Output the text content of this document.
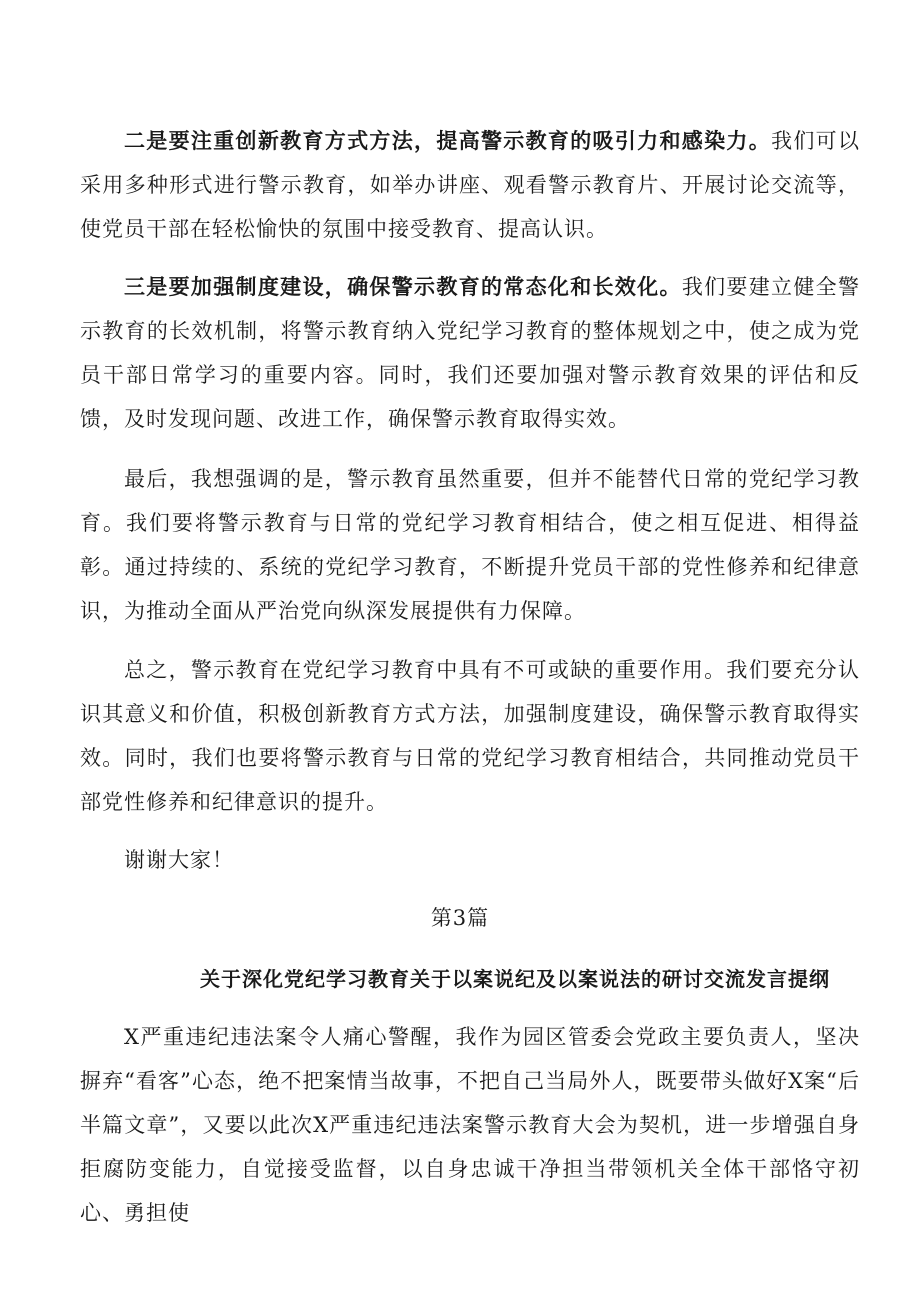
二是要注重创新教育方式方法，提高警示教育的吸引力和感染力。我们可以采用多种形式进行警示教育，如举办讲座、观看警示教育片、开展讨论交流等，使党员干部在轻松愉快的氛围中接受教育、提高认识。

三是要加强制度建设，确保警示教育的常态化和长效化。我们要建立健全警示教育的长效机制，将警示教育纳入党纪学习教育的整体规划之中，使之成为党员干部日常学习的重要内容。同时，我们还要加强对警示教育效果的评估和反馈，及时发现问题、改进工作，确保警示教育取得实效。

最后，我想强调的是，警示教育虽然重要，但并不能替代日常的党纪学习教育。我们要将警示教育与日常的党纪学习教育相结合，使之相互促进、相得益彰。通过持续的、系统的党纪学习教育，不断提升党员干部的党性修养和纪律意识，为推动全面从严治党向纵深发展提供有力保障。

总之，警示教育在党纪学习教育中具有不可或缺的重要作用。我们要充分认识其意义和价值，积极创新教育方式方法，加强制度建设，确保警示教育取得实效。同时，我们也要将警示教育与日常的党纪学习教育相结合，共同推动党员干部党性修养和纪律意识的提升。

谢谢大家！

第3篇

关于深化党纪学习教育关于以案说纪及以案说法的研讨交流发言提纲

X严重违纪违法案令人痛心警醒，我作为园区管委会党政主要负责人，坚决摒弃“看客”心态，绝不把案情当故事，不把自己当局外人，既要带头做好X案“后半篇文章”，又要以此次X严重违纪违法案警示教育大会为契机，进一步增强自身拒腐防变能力，自觉接受监督，以自身忠诚干净担当带领机关全体干部恪守初心、勇担使
